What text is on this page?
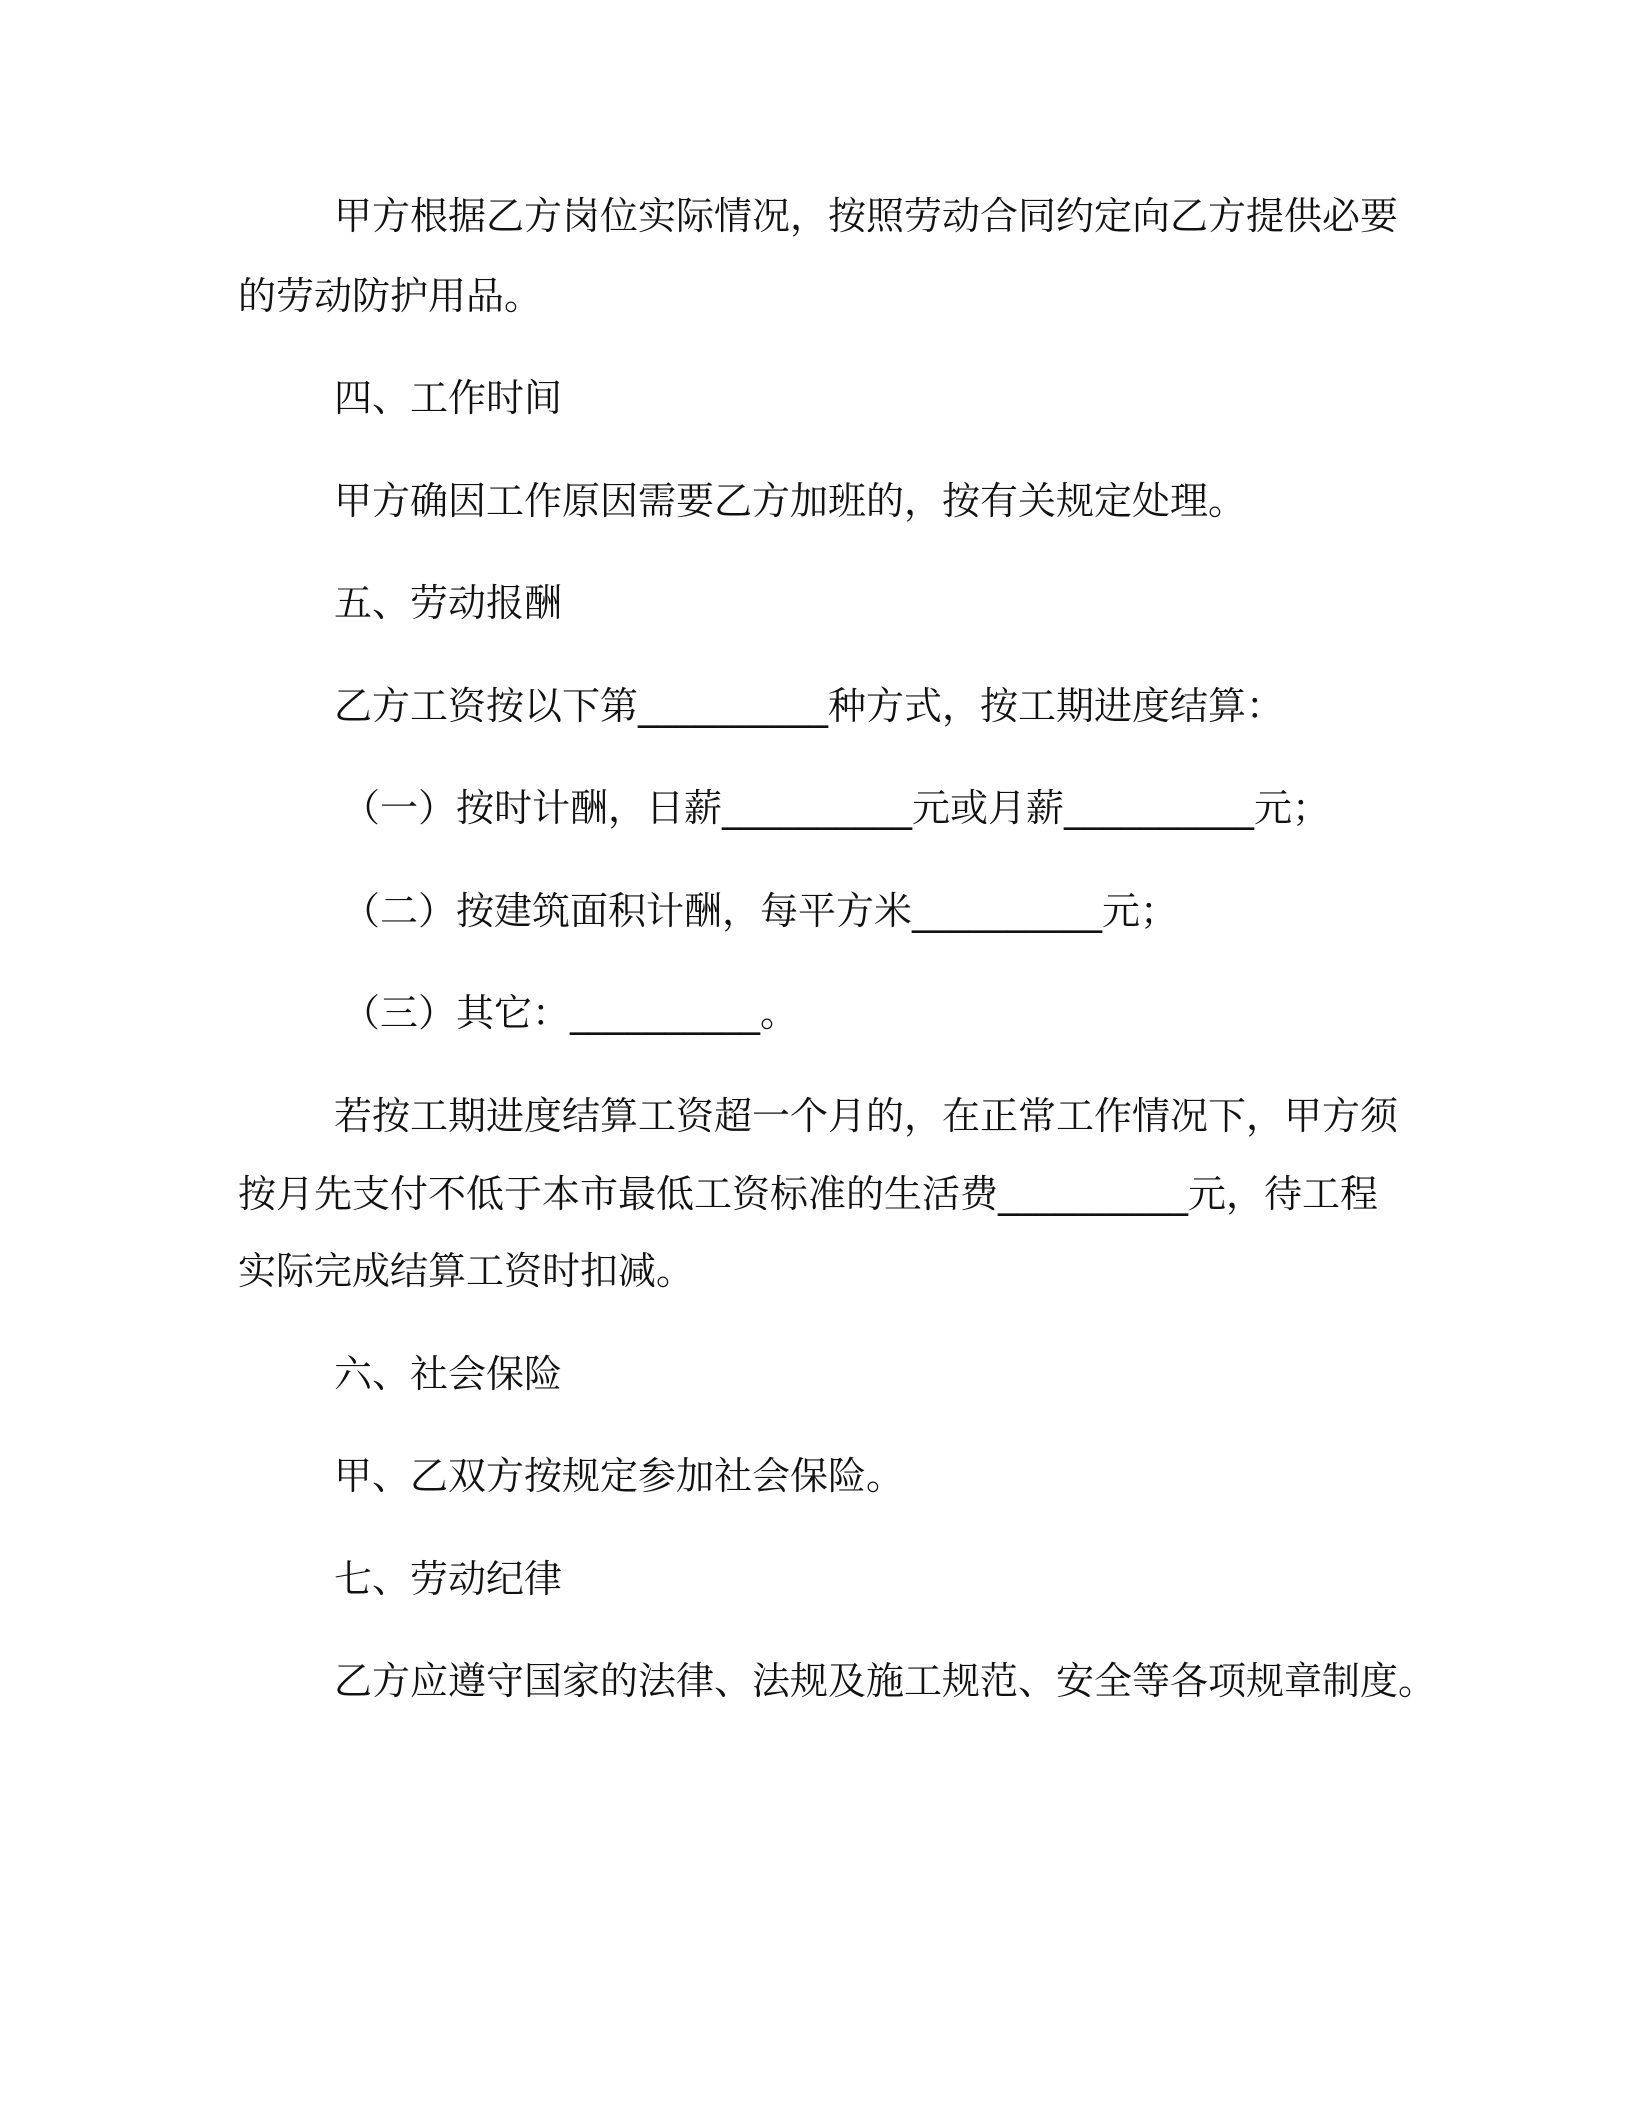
甲方根据乙方岗位实际情况，按照劳动合同约定向乙方提供必要
的劳动防护用品。
四、工作时间
甲方确因工作原因需要乙方加班的，按有关规定处理。
五、劳动报酬
乙方工资按以下第__________种方式，按工期进度结算：
（一）按时计酬，日薪__________元或月薪__________元；
（二）按建筑面积计酬，每平方米__________元；
（三）其它：__________。
若按工期进度结算工资超一个月的，在正常工作情况下，甲方须
按月先支付不低于本市最低工资标准的生活费__________元，待工程
实际完成结算工资时扣减。
六、社会保险
甲、乙双方按规定参加社会保险。
七、劳动纪律
乙方应遵守国家的法律、法规及施工规范、安全等各项规章制度。
